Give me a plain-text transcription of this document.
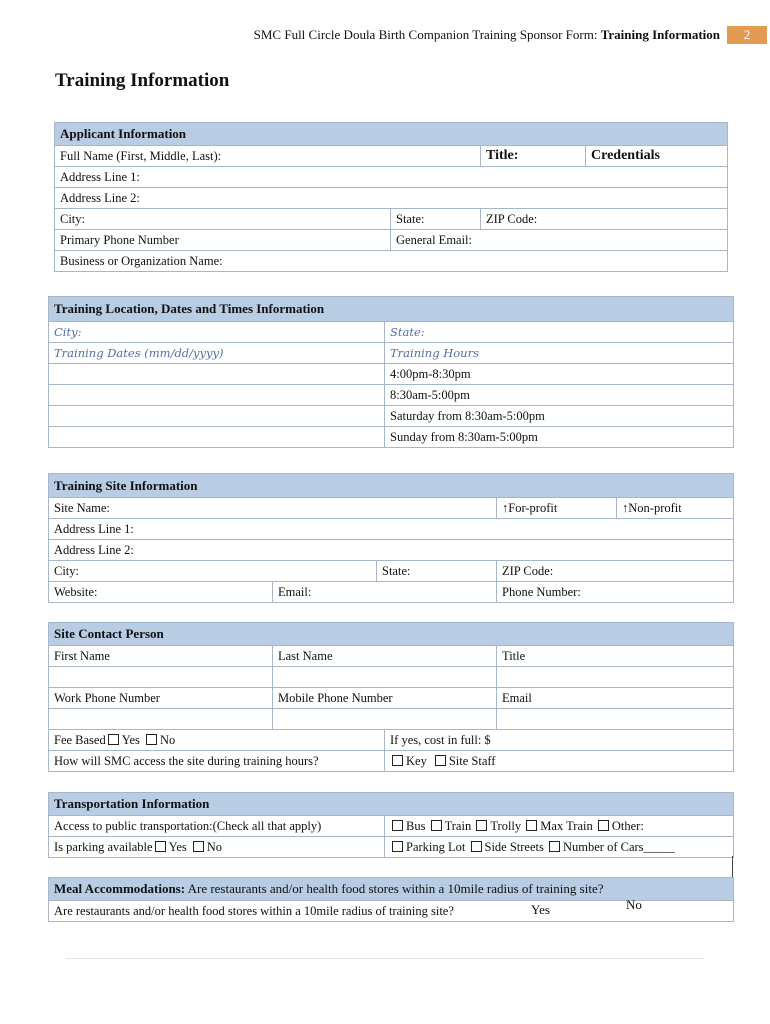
SMC Full Circle Doula Birth Companion Training Sponsor Form: Training Information	2
Training Information
Applicant Information			
Full Name (First, Middle, Last):		Title:	Credentials
Address Line 1:			
Address Line 2:			
City:	State:	ZIP Code:	
Primary Phone Number	General Email:		
Business or Organization Name:			
Training Location, Dates and Times Information	
City:	State:
Training Dates (mm/dd/yyyy)	Training Hours
	4:00pm-8:30pm
	8:30am-5:00pm
	Saturday from 8:30am-5:00pm
	Sunday from 8:30am-5:00pm
Training Site Information				
Site Name:			↑For-profit	↑Non-profit
Address Line 1:				
Address Line 2:				
City:		State:	ZIP Code:	
Website:	Email:		Phone Number:	
Site Contact Person			
First Name	Last Name		Title

Work Phone Number	Mobile Phone Number		Email

Fee Based Yes No		If yes, cost in full: $	
How will SMC access the site during training hours?		Key Site Staff	
Transportation Information	
Access to public transportation:(Check all that apply)	Bus Train Trolly Max Train Other:
Is parking available Yes No	Parking Lot Side Streets Number of Cars_____
Meal Accommodations: Are restaurants and/or health food stores within a 10mile radius of training site?
Are restaurants and/or health food stores within a 10mile radius of training site?	Yes	No
